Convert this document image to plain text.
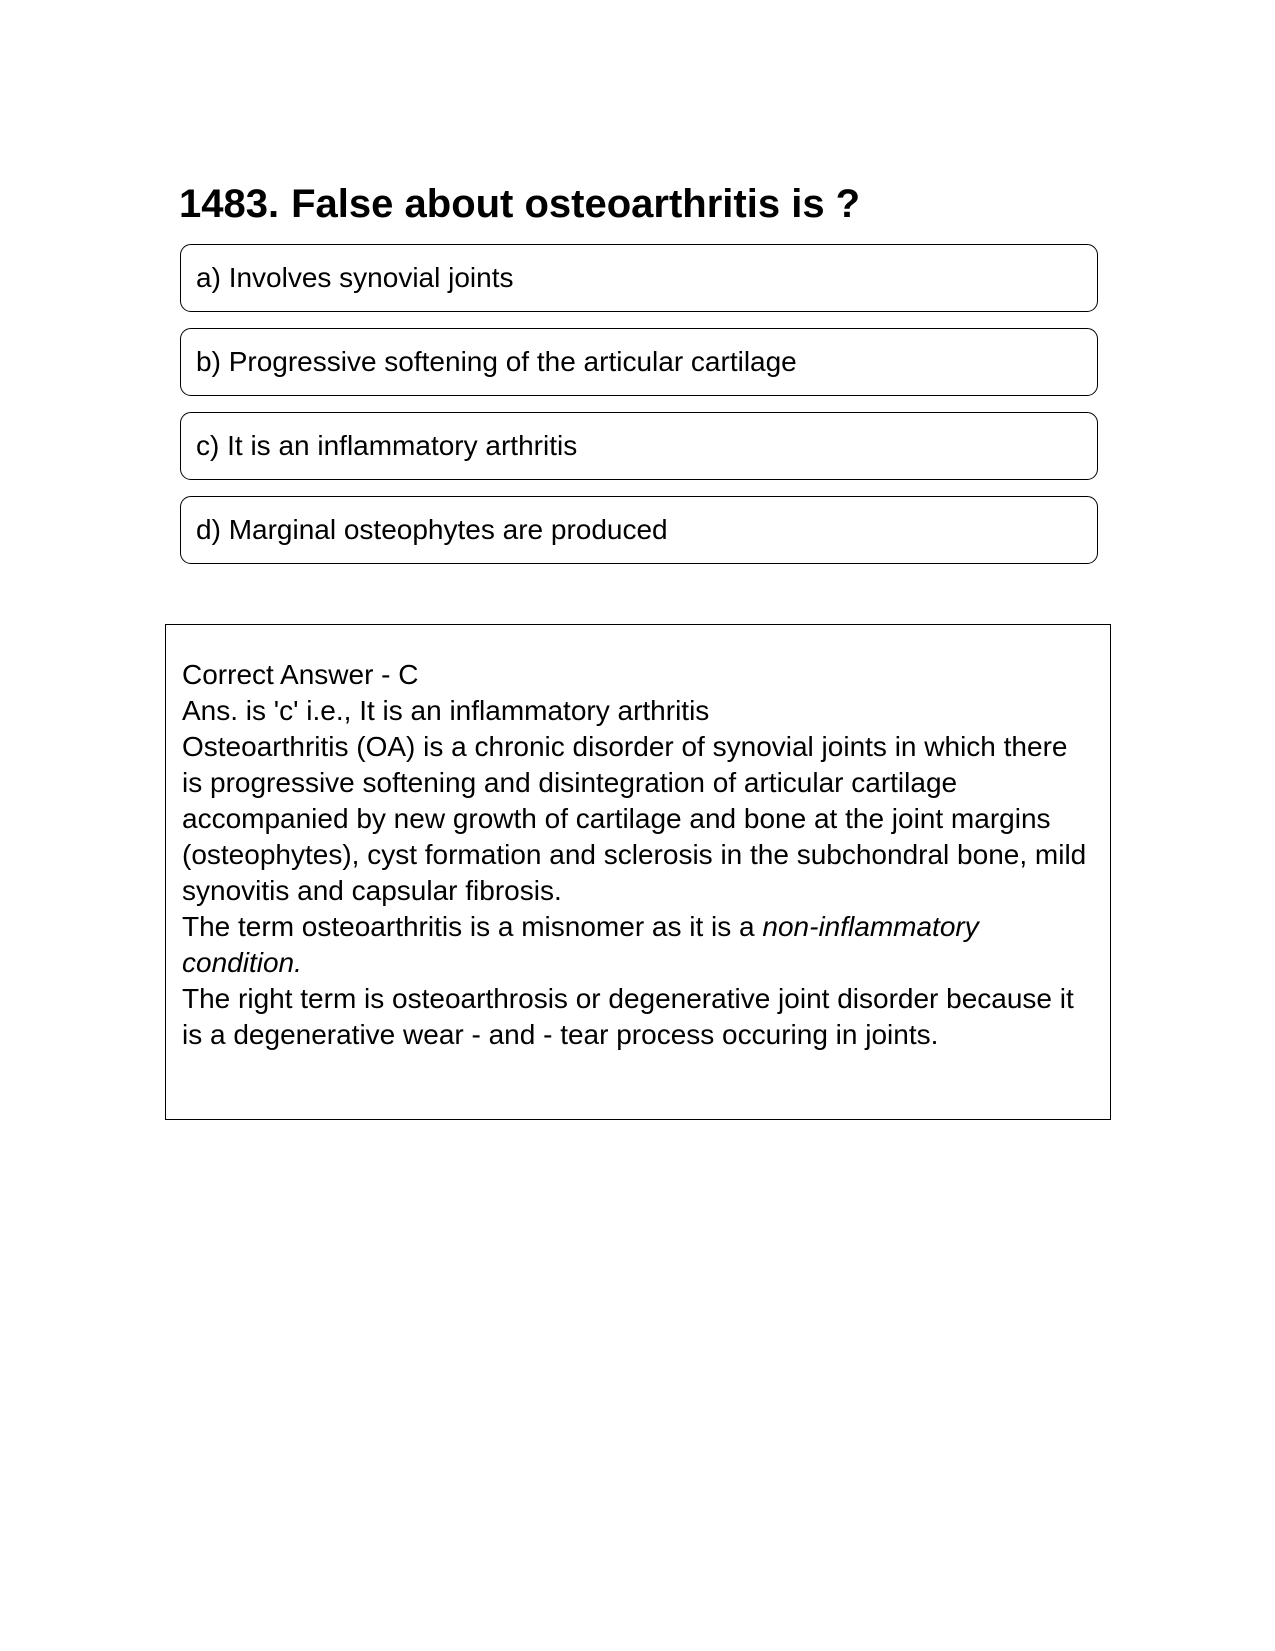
1483. False about osteoarthritis is ?
a)
Involves synovial joints
b)
Progressive softening of the articular cartilage
c)
It is an inflammatory arthritis
d)
Marginal osteophytes are produced

Correct Answer - C

Ans. is 'c' i.e., It is an inflammatory arthritis

Osteoarthritis (OA) is a chronic disorder of synovial joints in which there is progressive softening and disintegration of articular cartilage accompanied by new growth of cartilage and bone at the joint margins (osteophytes), cyst formation and sclerosis in the subchondral bone, mild synovitis and capsular fibrosis.

The term osteoarthritis is a misnomer as it is a non-inflammatory condition.

The right term is osteoarthrosis or degenerative joint disorder because it is a degenerative wear - and - tear process occuring in joints.
